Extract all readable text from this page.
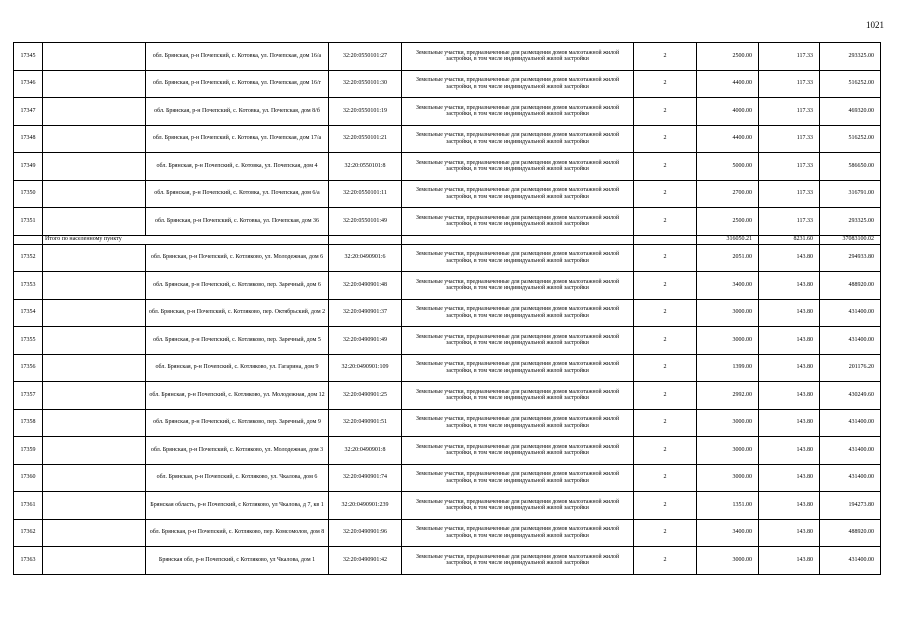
1021
17345		обл. Брянская, р-н Почепский, с. Котовка, ул. Почепская, дом 16/а	32:20:0550101:27	Земельные участки, предназначенные для размещения домов малоэтажной жилой застройки, в том числе индивидуальной жилой застройки	2	2500.00	117.33	293325.00
17346		обл. Брянская, р-н Почепский, с. Котовка, ул. Почепская, дом 16/г	32:20:0550101:30	Земельные участки, предназначенные для размещения домов малоэтажной жилой застройки, в том числе индивидуальной жилой застройки	2	4400.00	117.33	516252.00
17347		обл. Брянская, р-н Почепский, с. Котовка, ул. Почепская, дом 8/б	32:20:0550101:19	Земельные участки, предназначенные для размещения домов малоэтажной жилой застройки, в том числе индивидуальной жилой застройки	2	4000.00	117.33	469320.00
17348		обл. Брянская, р-н Почепский, с. Котовка, ул. Почепская, дом 17/а	32:20:0550101:21	Земельные участки, предназначенные для размещения домов малоэтажной жилой застройки, в том числе индивидуальной жилой застройки	2	4400.00	117.33	516252.00
17349		обл. Брянская, р-н Почепский, с. Котовка, ул. Почепская, дом 4	32:20:0550101:8	Земельные участки, предназначенные для размещения домов малоэтажной жилой застройки, в том числе индивидуальной жилой застройки	2	5000.00	117.33	586650.00
17350		обл. Брянская, р-н Почепский, с. Котовка, ул. Почепская, дом 6/а	32:20:0550101:11	Земельные участки, предназначенные для размещения домов малоэтажной жилой застройки, в том числе индивидуальной жилой застройки	2	2700.00	117.33	316791.00
17351		обл. Брянская, р-н Почепский, с. Котовка, ул. Почепская, дом 36	32:20:0550101:49	Земельные участки, предназначенные для размещения домов малоэтажной жилой застройки, в том числе индивидуальной жилой застройки	2	2500.00	117.33	293325.00
	Итого по населенному пункту					316050.21	8231.60	37083100.02
17352		обл. Брянская, р-н Почепский, с. Котляково, ул. Молодежная, дом 6	32:20:0490901:6	Земельные участки, предназначенные для размещения домов малоэтажной жилой застройки, в том числе индивидуальной жилой застройки	2	2051.00	143.80	294933.80
17353		обл. Брянская, р-н Почепский, с. Котляково, пер. Заречный, дом 6	32:20:0490901:48	Земельные участки, предназначенные для размещения домов малоэтажной жилой застройки, в том числе индивидуальной жилой застройки	2	3400.00	143.80	488920.00
17354		обл. Брянская, р-н Почепский, с. Котляково, пер. Октябрьский, дом 2	32:20:0490901:37	Земельные участки, предназначенные для размещения домов малоэтажной жилой застройки, в том числе индивидуальной жилой застройки	2	3000.00	143.80	431400.00
17355		обл. Брянская, р-н Почепский, с. Котляково, пер. Заречный, дом 5	32:20:0490901:49	Земельные участки, предназначенные для размещения домов малоэтажной жилой застройки, в том числе индивидуальной жилой застройки	2	3000.00	143.80	431400.00
17356		обл. Брянская, р-н Почепский, с. Котляково, ул. Гагарина, дом 9	32:20:0490901:109	Земельные участки, предназначенные для размещения домов малоэтажной жилой застройки, в том числе индивидуальной жилой застройки	2	1399.00	143.80	201176.20
17357		обл. Брянская, р-н Почепский, с. Котляково, ул. Молодежная, дом 12	32:20:0490901:25	Земельные участки, предназначенные для размещения домов малоэтажной жилой застройки, в том числе индивидуальной жилой застройки	2	2992.00	143.80	430249.60
17358		обл. Брянская, р-н Почепский, с. Котляково, пер. Заречный, дом 9	32:20:0490901:51	Земельные участки, предназначенные для размещения домов малоэтажной жилой застройки, в том числе индивидуальной жилой застройки	2	3000.00	143.80	431400.00
17359		обл. Брянская, р-н Почепский, с. Котляково, ул. Молодежная, дом 3	32:20:0490901:8	Земельные участки, предназначенные для размещения домов малоэтажной жилой застройки, в том числе индивидуальной жилой застройки	2	3000.00	143.80	431400.00
17360		обл. Брянская, р-н Почепский, с. Котляково, ул. Чкалова, дом 6	32:20:0490901:74	Земельные участки, предназначенные для размещения домов малоэтажной жилой застройки, в том числе индивидуальной жилой застройки	2	3000.00	143.80	431400.00
17361		Брянская область, р-н Почепский, с Котляково, ул Чкалова, д 7, кв 1	32:20:0490901:239	Земельные участки, предназначенные для размещения домов малоэтажной жилой застройки, в том числе индивидуальной жилой застройки	2	1351.00	143.80	194273.80
17362		обл. Брянская, р-н Почепский, с. Котляково, пер. Комсомолов, дом 8	32:20:0490901:96	Земельные участки, предназначенные для размещения домов малоэтажной жилой застройки, в том числе индивидуальной жилой застройки	2	3400.00	143.80	488920.00
17363		Брянская обл, р-н Почепский, с Котляково, ул Чкалова, дом 1	32:20:0490901:42	Земельные участки, предназначенные для размещения домов малоэтажной жилой застройки, в том числе индивидуальной жилой застройки	2	3000.00	143.80	431400.00
